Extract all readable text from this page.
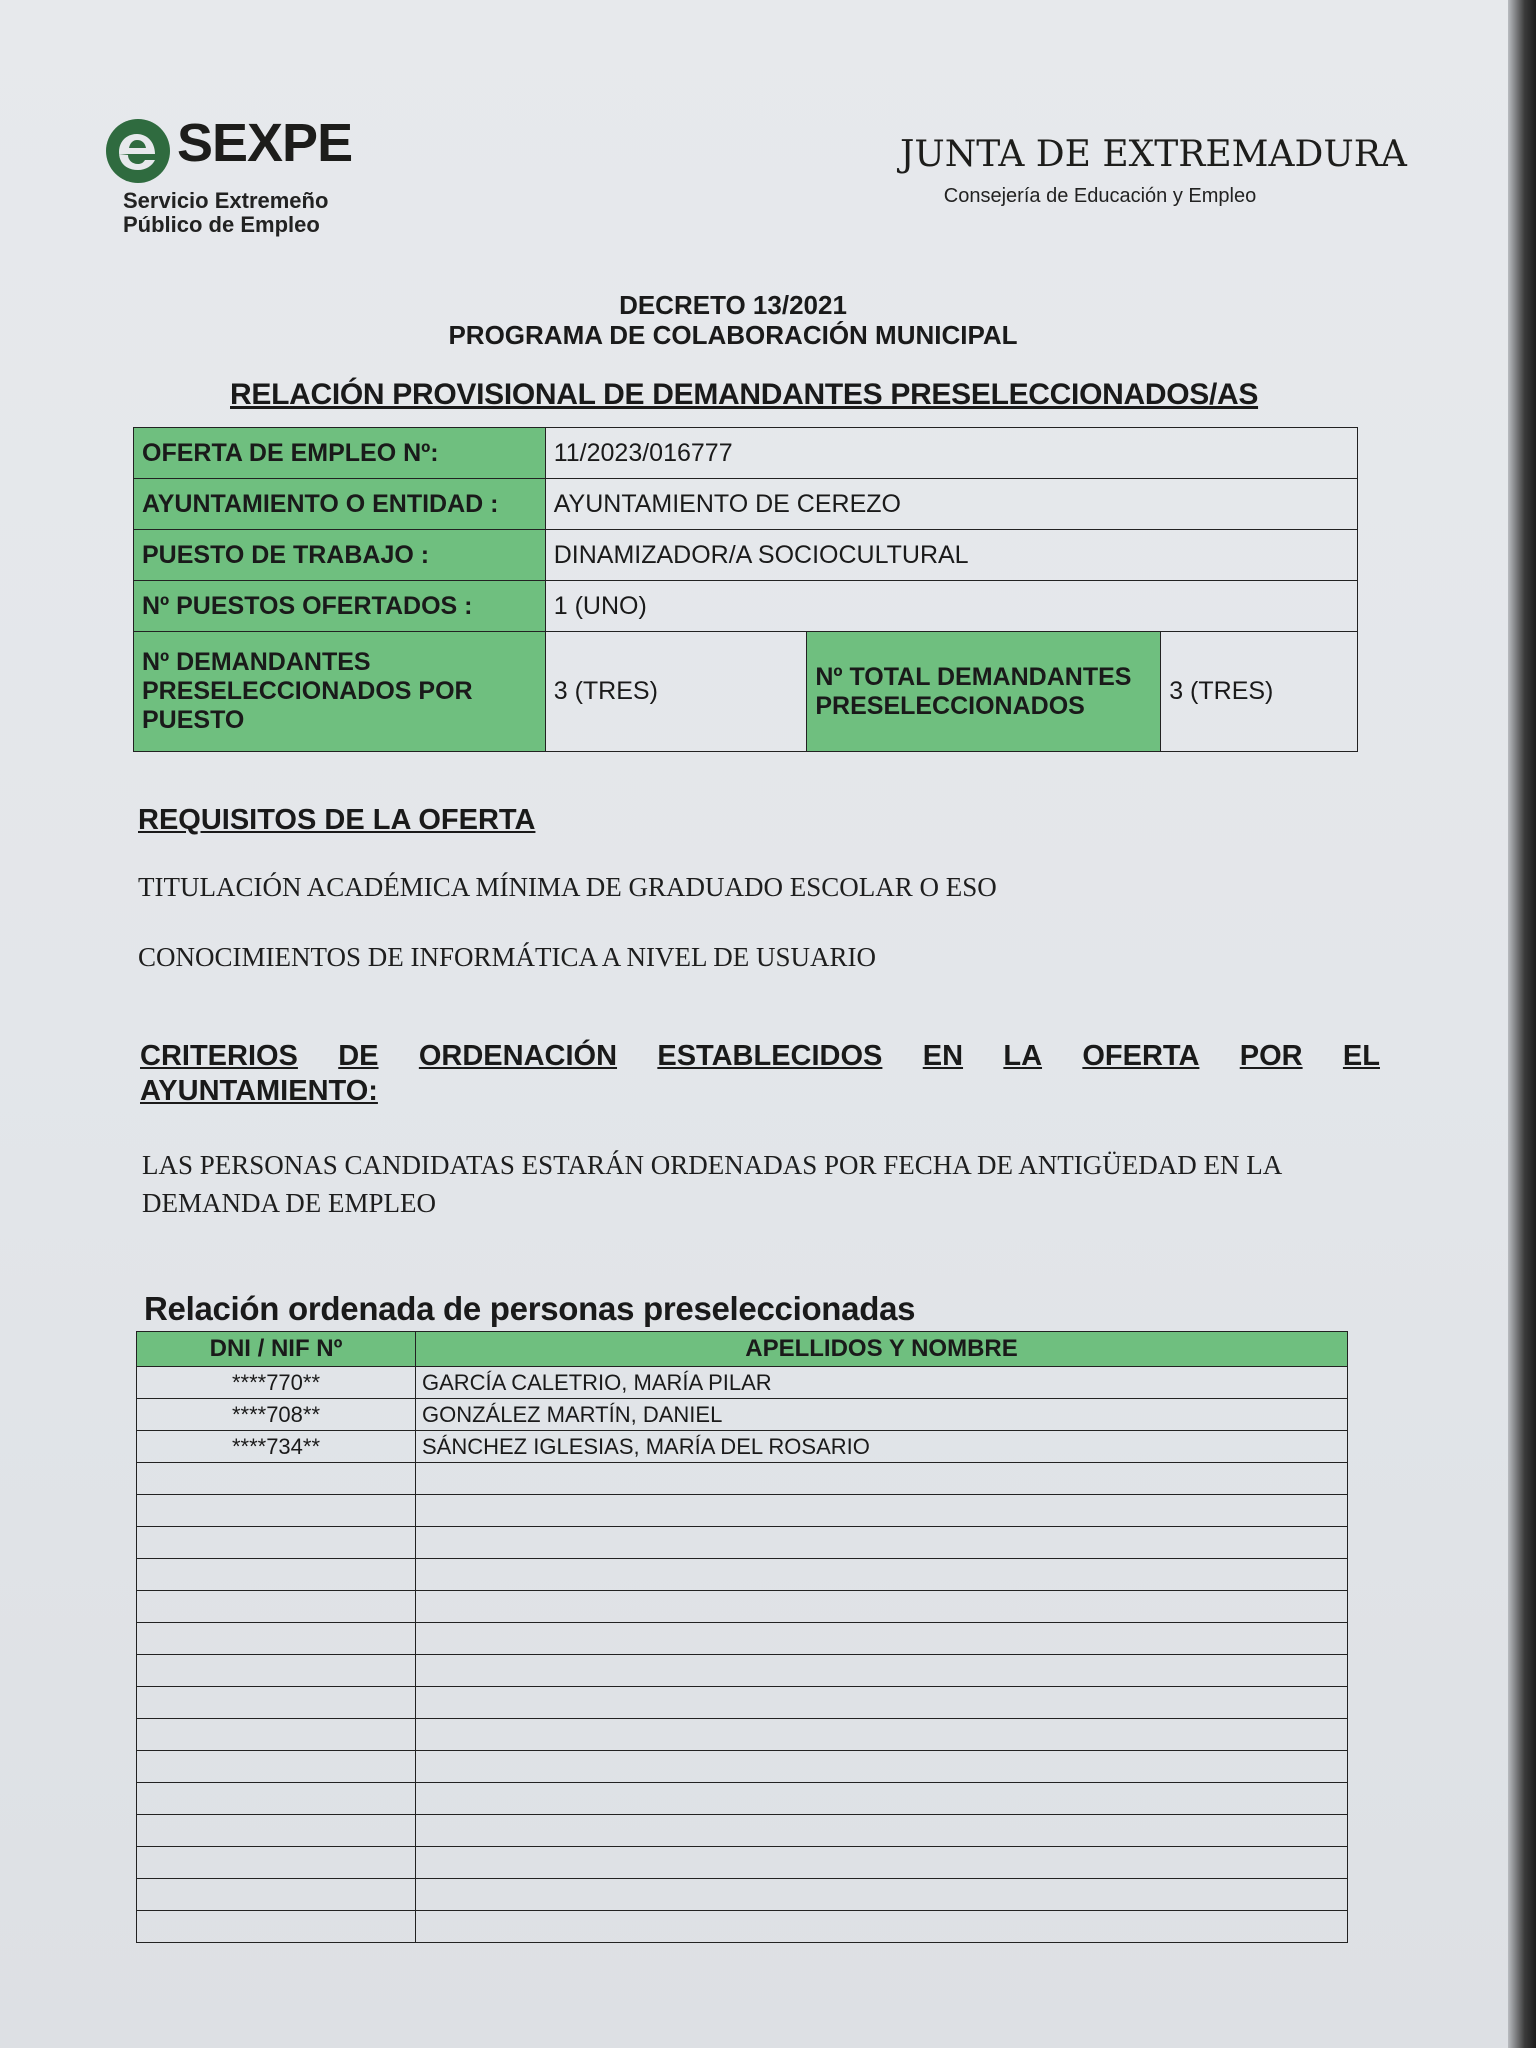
SEXPE
Servicio Extremeño
Público de Empleo
JUNTA DE EXTREMADURA
Consejería de Educación y Empleo
DECRETO 13/2021
PROGRAMA DE COLABORACIÓN MUNICIPAL
RELACIÓN PROVISIONAL DE DEMANDANTES PRESELECCIONADOS/AS
OFERTA DE EMPLEO Nº:	11/2023/016777		
AYUNTAMIENTO O ENTIDAD :	AYUNTAMIENTO DE CEREZO		
PUESTO DE TRABAJO :	DINAMIZADOR/A SOCIOCULTURAL		
Nº PUESTOS OFERTADOS :	1 (UNO)		
Nº DEMANDANTES PRESELECCIONADOS POR PUESTO	3 (TRES)	Nº TOTAL DEMANDANTES PRESELECCIONADOS	3 (TRES)
REQUISITOS DE LA OFERTA
TITULACIÓN ACADÉMICA MÍNIMA DE GRADUADO ESCOLAR O ESO
CONOCIMIENTOS DE INFORMÁTICA A NIVEL DE USUARIO
CRITERIOS DE ORDENACIÓN ESTABLECIDOS EN LA OFERTA POR EL
AYUNTAMIENTO:
LAS PERSONAS CANDIDATAS ESTARÁN ORDENADAS POR FECHA DE ANTIGÜEDAD EN LA DEMANDA DE EMPLEO
Relación ordenada de personas preseleccionadas
DNI / NIF Nº	APELLIDOS Y NOMBRE
****770**	GARCÍA CALETRIO, MARÍA PILAR
****708**	GONZÁLEZ MARTÍN, DANIEL
****734**	SÁNCHEZ IGLESIAS, MARÍA DEL ROSARIO
